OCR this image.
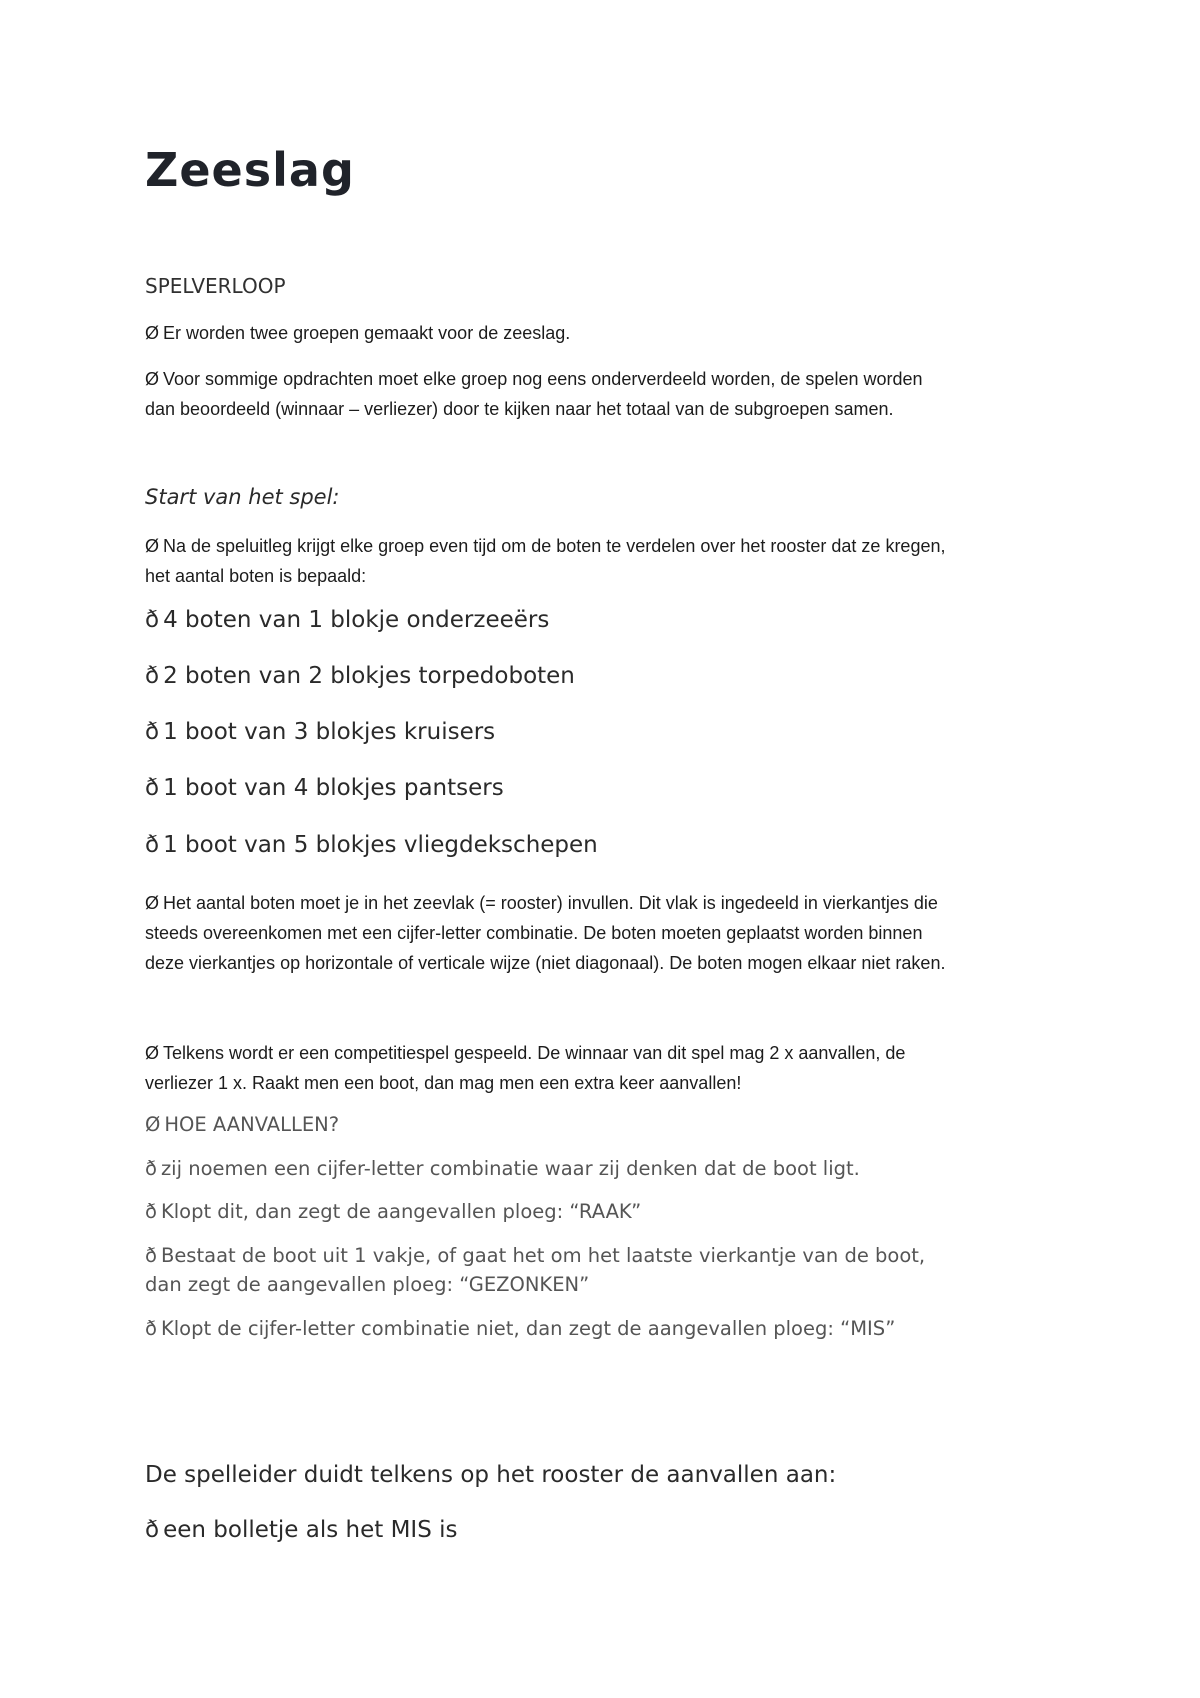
Zeeslag

SPELVERLOOP

Ø Er worden twee groepen gemaakt voor de zeeslag.

Ø Voor sommige opdrachten moet elke groep nog eens onderverdeeld worden, de spelen worden

dan beoordeeld (winnaar – verliezer) door te kijken naar het totaal van de subgroepen samen.

Start van het spel:

Ø Na de speluitleg krijgt elke groep even tijd om de boten te verdelen over het rooster dat ze kregen,

het aantal boten is bepaald:

ð 4 boten van 1 blokje onderzeeërs

ð 2 boten van 2 blokjes torpedoboten

ð 1 boot van 3 blokjes kruisers

ð 1 boot van 4 blokjes pantsers

ð 1 boot van 5 blokjes vliegdekschepen

Ø Het aantal boten moet je in het zeevlak (= rooster) invullen. Dit vlak is ingedeeld in vierkantjes die

steeds overeenkomen met een cijfer-letter combinatie. De boten moeten geplaatst worden binnen

deze vierkantjes op horizontale of verticale wijze (niet diagonaal). De boten mogen elkaar niet raken.

Ø Telkens wordt er een competitiespel gespeeld. De winnaar van dit spel mag 2 x aanvallen, de

verliezer 1 x. Raakt men een boot, dan mag men een extra keer aanvallen!

Ø HOE AANVALLEN?

ð zij noemen een cijfer-letter combinatie waar zij denken dat de boot ligt.

ð Klopt dit, dan zegt de aangevallen ploeg: “RAAK”

ð Bestaat de boot uit 1 vakje, of gaat het om het laatste vierkantje van de boot,

dan zegt de aangevallen ploeg: “GEZONKEN”

ð Klopt de cijfer-letter combinatie niet, dan zegt de aangevallen ploeg: “MIS”

De spelleider duidt telkens op het rooster de aanvallen aan:

ð een bolletje als het MIS is
